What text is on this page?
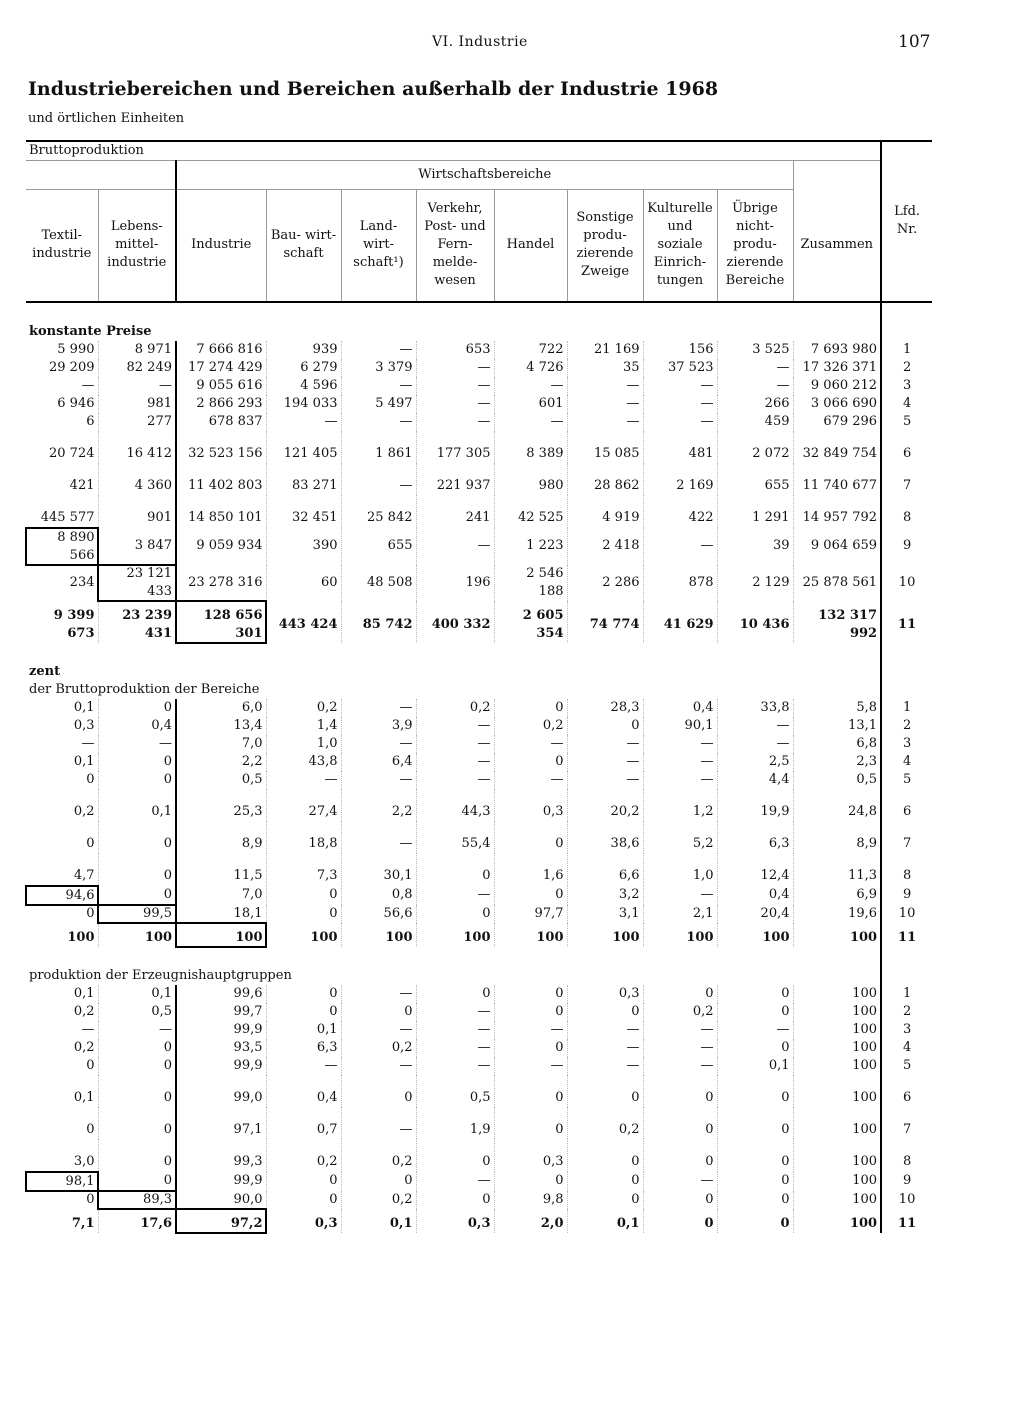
VI. Industrie	107
Industriebereichen und Bereichen außerhalb der Industrie 1968
und örtlichen Einheiten
Bruttoproduktion											Lfd. Nr.
		Wirtschaftsbereiche									
Textil- industrie	Lebens- mittel- industrie	Industrie	Bau- wirt- schaft	Land- wirt- schaft¹)	Verkehr, Post- und Fern- melde- wesen	Handel	Sonstige produ- zierende Zweige	Kulturelle und soziale Einrich- tungen	Übrige nicht- produ- zierende Bereiche	Zusammen	
konstante Preise											
5 990	8 971	7 666 816	939	—	653	722	21 169	156	3 525	7 693 980	1
29 209	82 249	17 274 429	6 279	3 379	—	4 726	35	37 523	—	17 326 371	2
—	—	9 055 616	4 596	—	—	—	—	—	—	9 060 212	3
6 946	981	2 866 293	194 033	5 497	—	601	—	—	266	3 066 690	4
6	277	678 837	—	—	—	—	—	—	459	679 296	5
20 724	16 412	32 523 156	121 405	1 861	177 305	8 389	15 085	481	2 072	32 849 754	6
421	4 360	11 402 803	83 271	—	221 937	980	28 862	2 169	655	11 740 677	7
445 577	901	14 850 101	32 451	25 842	241	42 525	4 919	422	1 291	14 957 792	8
8 890 566	3 847	9 059 934	390	655	—	1 223	2 418	—	39	9 064 659	9
234	23 121 433	23 278 316	60	48 508	196	2 546 188	2 286	878	2 129	25 878 561	10
9 399 673	23 239 431	128 656 301	443 424	85 742	400 332	2 605 354	74 774	41 629	10 436	132 317 992	11
zent											
der Bruttoproduktion der Bereiche											
0,1	0	6,0	0,2	—	0,2	0	28,3	0,4	33,8	5,8	1
0,3	0,4	13,4	1,4	3,9	—	0,2	0	90,1	—	13,1	2
—	—	7,0	1,0	—	—	—	—	—	—	6,8	3
0,1	0	2,2	43,8	6,4	—	0	—	—	2,5	2,3	4
0	0	0,5	—	—	—	—	—	—	4,4	0,5	5
0,2	0,1	25,3	27,4	2,2	44,3	0,3	20,2	1,2	19,9	24,8	6
0	0	8,9	18,8	—	55,4	0	38,6	5,2	6,3	8,9	7
4,7	0	11,5	7,3	30,1	0	1,6	6,6	1,0	12,4	11,3	8
94,6	0	7,0	0	0,8	—	0	3,2	—	0,4	6,9	9
0	99,5	18,1	0	56,6	0	97,7	3,1	2,1	20,4	19,6	10
100	100	100	100	100	100	100	100	100	100	100	11
produktion der Erzeugnishauptgruppen											
0,1	0,1	99,6	0	—	0	0	0,3	0	0	100	1
0,2	0,5	99,7	0	0	—	0	0	0,2	0	100	2
—	—	99,9	0,1	—	—	—	—	—	—	100	3
0,2	0	93,5	6,3	0,2	—	0	—	—	0	100	4
0	0	99,9	—	—	—	—	—	—	0,1	100	5
0,1	0	99,0	0,4	0	0,5	0	0	0	0	100	6
0	0	97,1	0,7	—	1,9	0	0,2	0	0	100	7
3,0	0	99,3	0,2	0,2	0	0,3	0	0	0	100	8
98,1	0	99,9	0	0	—	0	0	—	0	100	9
0	89,3	90,0	0	0,2	0	9,8	0	0	0	100	10
7,1	17,6	97,2	0,3	0,1	0,3	2,0	0,1	0	0	100	11
